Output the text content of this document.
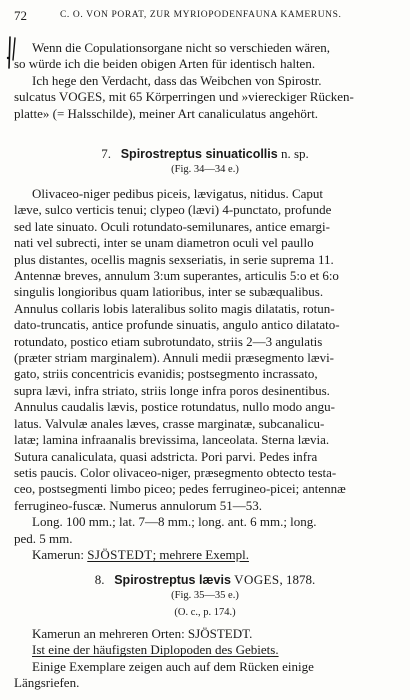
72	C. O. VON PORAT, ZUR MYRIOPODENFAUNA KAMERUNS.
Wenn die Copulationsorgane nicht so verschieden wären,
so würde ich die beiden obigen Arten für identisch halten.
Ich hege den Verdacht, dass das Weibchen von Spirostr.
sulcatus VOGES, mit 65 Körperringen und »viereckiger Rücken-
platte» (= Halsschilde), meiner Art canaliculatus angehört.
7. Spirostreptus sinuaticollis n. sp.
(Fig. 34—34 e.)
Olivaceo-niger pedibus piceis, lævigatus, nitidus. Caput
læve, sulco verticis tenui; clypeo (lævi) 4-punctato, profunde
sed late sinuato. Oculi rotundato-semilunares, antice emargi-
nati vel subrecti, inter se unam diametron oculi vel paullo
plus distantes, ocellis magnis sexseriatis, in serie suprema 11.
Antennæ breves, annulum 3:um superantes, articulis 5:o et 6:o
singulis longioribus quam latioribus, inter se subæqualibus.
Annulus collaris lobis lateralibus solito magis dilatatis, rotun-
dato-truncatis, antice profunde sinuatis, angulo antico dilatato-
rotundato, postico etiam subrotundato, striis 2—3 angulatis
(præter striam marginalem). Annuli medii præsegmento lævi-
gato, striis concentricis evanidis; postsegmento incrassato,
supra lævi, infra striato, striis longe infra poros desinentibus.
Annulus caudalis lævis, postice rotundatus, nullo modo angu-
latus. Valvulæ anales læves, crasse marginatæ, subcanalicu-
latæ; lamina infraanalis brevissima, lanceolata. Sterna lævia.
Sutura canaliculata, quasi adstricta. Pori parvi. Pedes infra
setis paucis. Color olivaceo-niger, præsegmento obtecto testa-
ceo, postsegmenti limbo piceo; pedes ferrugineo-picei; antennæ
ferrugineo-fuscæ. Numerus annulorum 51—53.
Long. 100 mm.; lat. 7—8 mm.; long. ant. 6 mm.; long.
ped. 5 mm.
Kamerun: SJÖSTEDT; mehrere Exempl.
8. Spirostreptus lævis VOGES, 1878.
(Fig. 35—35 e.)
(O. c., p. 174.)
Kamerun an mehreren Orten: SJÖSTEDT.
Ist eine der häufigsten Diplopoden des Gebiets.
Einige Exemplare zeigen auch auf dem Rücken einige
Längsriefen.
